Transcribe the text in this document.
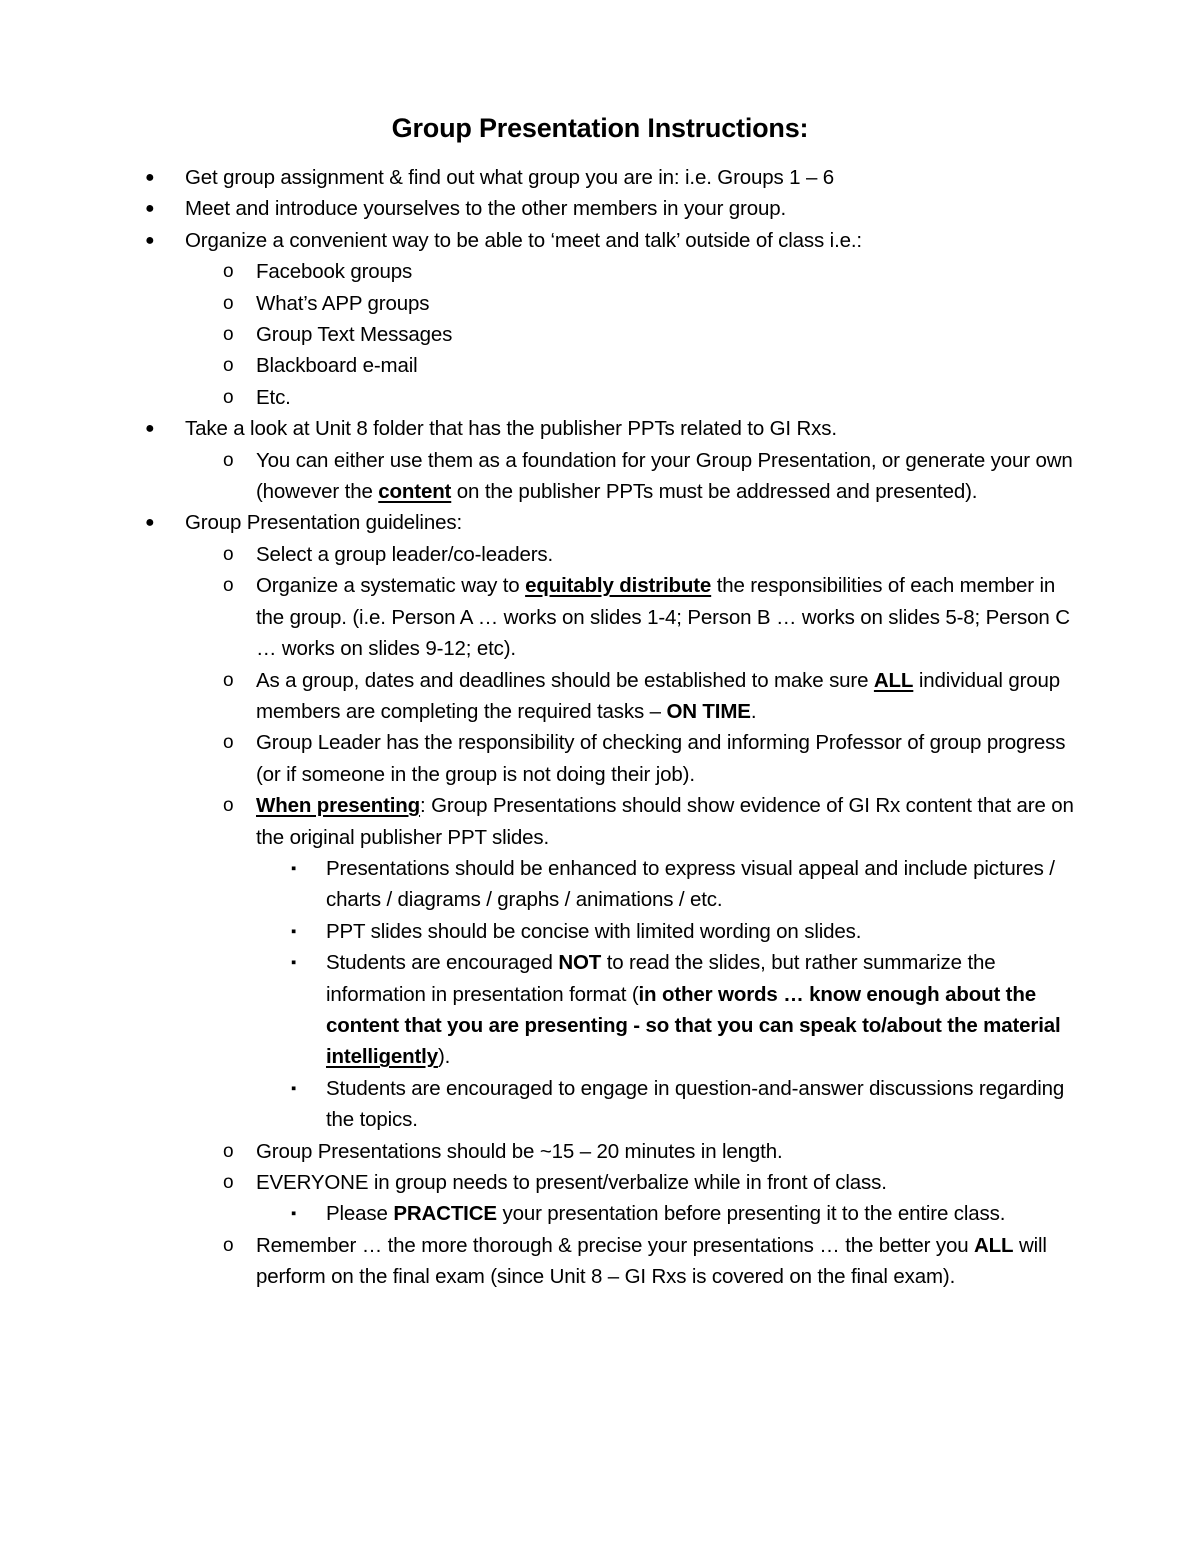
Group Presentation Instructions:
● Get group assignment & find out what group you are in: i.e. Groups 1 – 6
● Meet and introduce yourselves to the other members in your group.
● Organize a convenient way to be able to ‘meet and talk’ outside of class i.e.:
o Facebook groups
o What’s APP groups
o Group Text Messages
o Blackboard e-mail
o Etc.
● Take a look at Unit 8 folder that has the publisher PPTs related to GI Rxs.
o You can either use them as a foundation for your Group Presentation, or generate your own (however the content on the publisher PPTs must be addressed and presented).
● Group Presentation guidelines:
o Select a group leader/co-leaders.
o Organize a systematic way to equitably distribute the responsibilities of each member in the group. (i.e. Person A … works on slides 1-4; Person B … works on slides 5-8; Person C … works on slides 9-12; etc).
o As a group, dates and deadlines should be established to make sure ALL individual group members are completing the required tasks – ON TIME.
o Group Leader has the responsibility of checking and informing Professor of group progress (or if someone in the group is not doing their job).
o When presenting: Group Presentations should show evidence of GI Rx content that are on the original publisher PPT slides.
▪ Presentations should be enhanced to express visual appeal and include pictures / charts / diagrams / graphs / animations / etc.
▪ PPT slides should be concise with limited wording on slides.
▪ Students are encouraged NOT to read the slides, but rather summarize the information in presentation format (in other words … know enough about the content that you are presenting - so that you can speak to/about the material intelligently).
▪ Students are encouraged to engage in question-and-answer discussions regarding the topics.
o Group Presentations should be ~15 – 20 minutes in length.
o EVERYONE in group needs to present/verbalize while in front of class.
▪ Please PRACTICE your presentation before presenting it to the entire class.
o Remember … the more thorough & precise your presentations … the better you ALL will perform on the final exam (since Unit 8 – GI Rxs is covered on the final exam).
